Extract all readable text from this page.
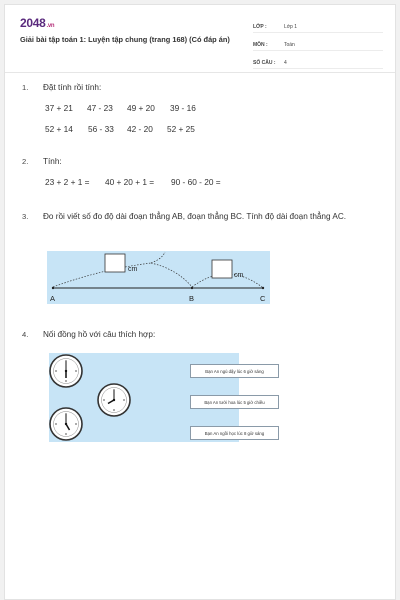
2048.vn
Giải bài tập toán 1: Luyện tập chung (trang 168) (Có đáp án)
LỚP :	Lớp 1
MÔN :	Toán
SỐ CÂU :	4
1. Đặt tính rồi tính:
37 + 21	47 - 23	49 + 20	39 - 16
52 + 14	56 - 33	42 - 20	52 + 25
2. Tính:
23 + 2 + 1 =	40 + 20 + 1 =	90 - 60 - 20 =
3. Đo rồi viết số đo độ dài đoạn thẳng AB, đoạn thẳng BC. Tính độ dài đoạn thẳng AC.
cm
cm
A	B	C
4. Nối đồng hồ với câu thích hợp:
Bạn An ngủ dậy lúc 6 giờ sáng
Bạn An tưới hoa lúc 5 giờ chiều
Bạn An ngồi học lúc 8 giờ sáng
